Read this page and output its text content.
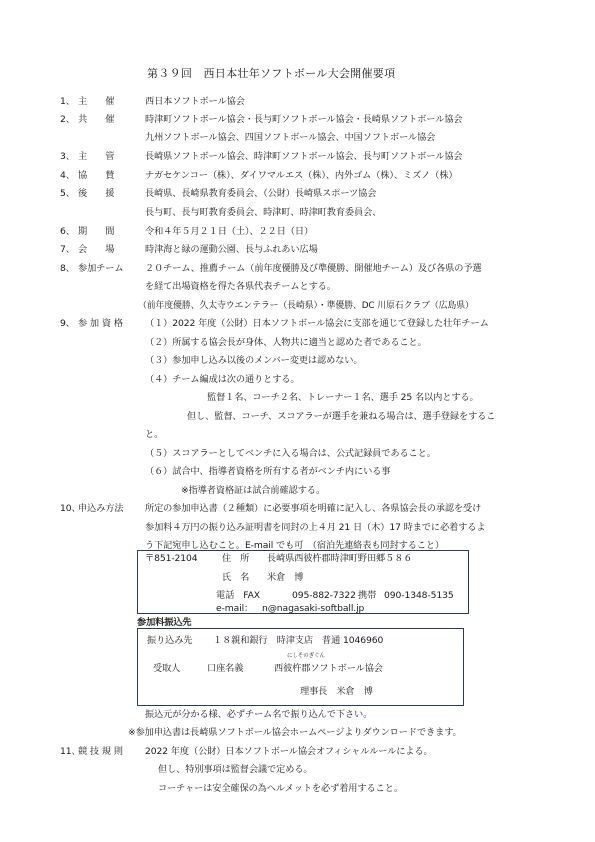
第３９回　西日本壮年ソフトボール大会開催要項
1、 主　　催	西日本ソフトボール協会
2、 共　　催	時津町ソフトボール協会・長与町ソフトボール協会・長崎県ソフトボール協会
九州ソフトボール協会、四国ソフトボール協会、中国ソフトボール協会
3、 主　　管	長崎県ソフトボール協会、時津町ソフトボール協会、長与町ソフトボール協会
4、 協　　賛	ナガセケンコー（株）、ダイワマルエス（株）、内外ゴム（株）、ミズノ（株）
5、 後　　援	長崎県、長崎県教育委員会、（公財）長崎県スポーツ協会
長与町、長与町教育委員会、時津町、時津町教育委員会、
6、 期　　間	令和４年５月２１日（土）、２２日（日）
7、 会　　場	時津海と緑の運動公園、長与ふれあい広場
8、 参加チーム ２０チーム、推薦チーム（前年度優勝及び準優勝、開催地チーム）及び各県の予選
を経て出場資格を得た各県代表チームとする。
（前年度優勝、久太寺ウエンテラー（長崎県）・準優勝、DC 川原石クラブ（広島県）
9、 参 加 資 格 （１）2022 年度（公財）日本ソフトボール協会に支部を通じて登録した壮年チーム
（２）所属する協会長が身体、人物共に適当と認めた者であること。
（３）参加申し込み以後のメンバー変更は認めない。
（４）チーム編成は次の通りとする。
監督１名、コーチ２名、トレーナー１名、選手 25 名以内とする。
但し、監督、コーチ、スコアラーが選手を兼ねる場合は、選手登録をするこ
と。
（５）スコアラーとしてベンチに入る場合は、公式記録員であること。
（６）試合中、指導者資格を所有する者がベンチ内にいる事
※指導者資格証は試合前確認する。
10、
申込み方法 所定の参加申込書（２種類）に必要事項を明確に記入し、各県協会長の承認を受け
参加料４万円の振り込み証明書を同封の上４月 21 日（木）17 時までに必着するよ
う下記宛申し込むこと。E-mail でも可　（宿泊先連絡表も同封すること）
〒851-2104	住　所 長崎県西彼杵郡時津町野田郷５８６
氏　名 米倉　博
電話　FAX	095-882-7322 携帯 090-1348-5135
e-mail： n@nagasaki-softball.jp
参加料振込先
振り込み先 １８親和銀行　時津支店　普通 1046960
にしそのぎぐん
受取人	口座名義	西彼杵郡ソフトボール協会
理事長　米倉　博
振込元が分かる様、必ずチーム名で振り込んで下さい。
※参加申込書は長崎県ソフトボール協会ホームページよりダウンロードできます。
11、
競 技 規 則 2022 年度（公財）日本ソフトボール協会オフィシャルルールによる。
但し、特別事項は監督会議で定める。
コーチャーは安全確保の為ヘルメットを必ず着用すること。
